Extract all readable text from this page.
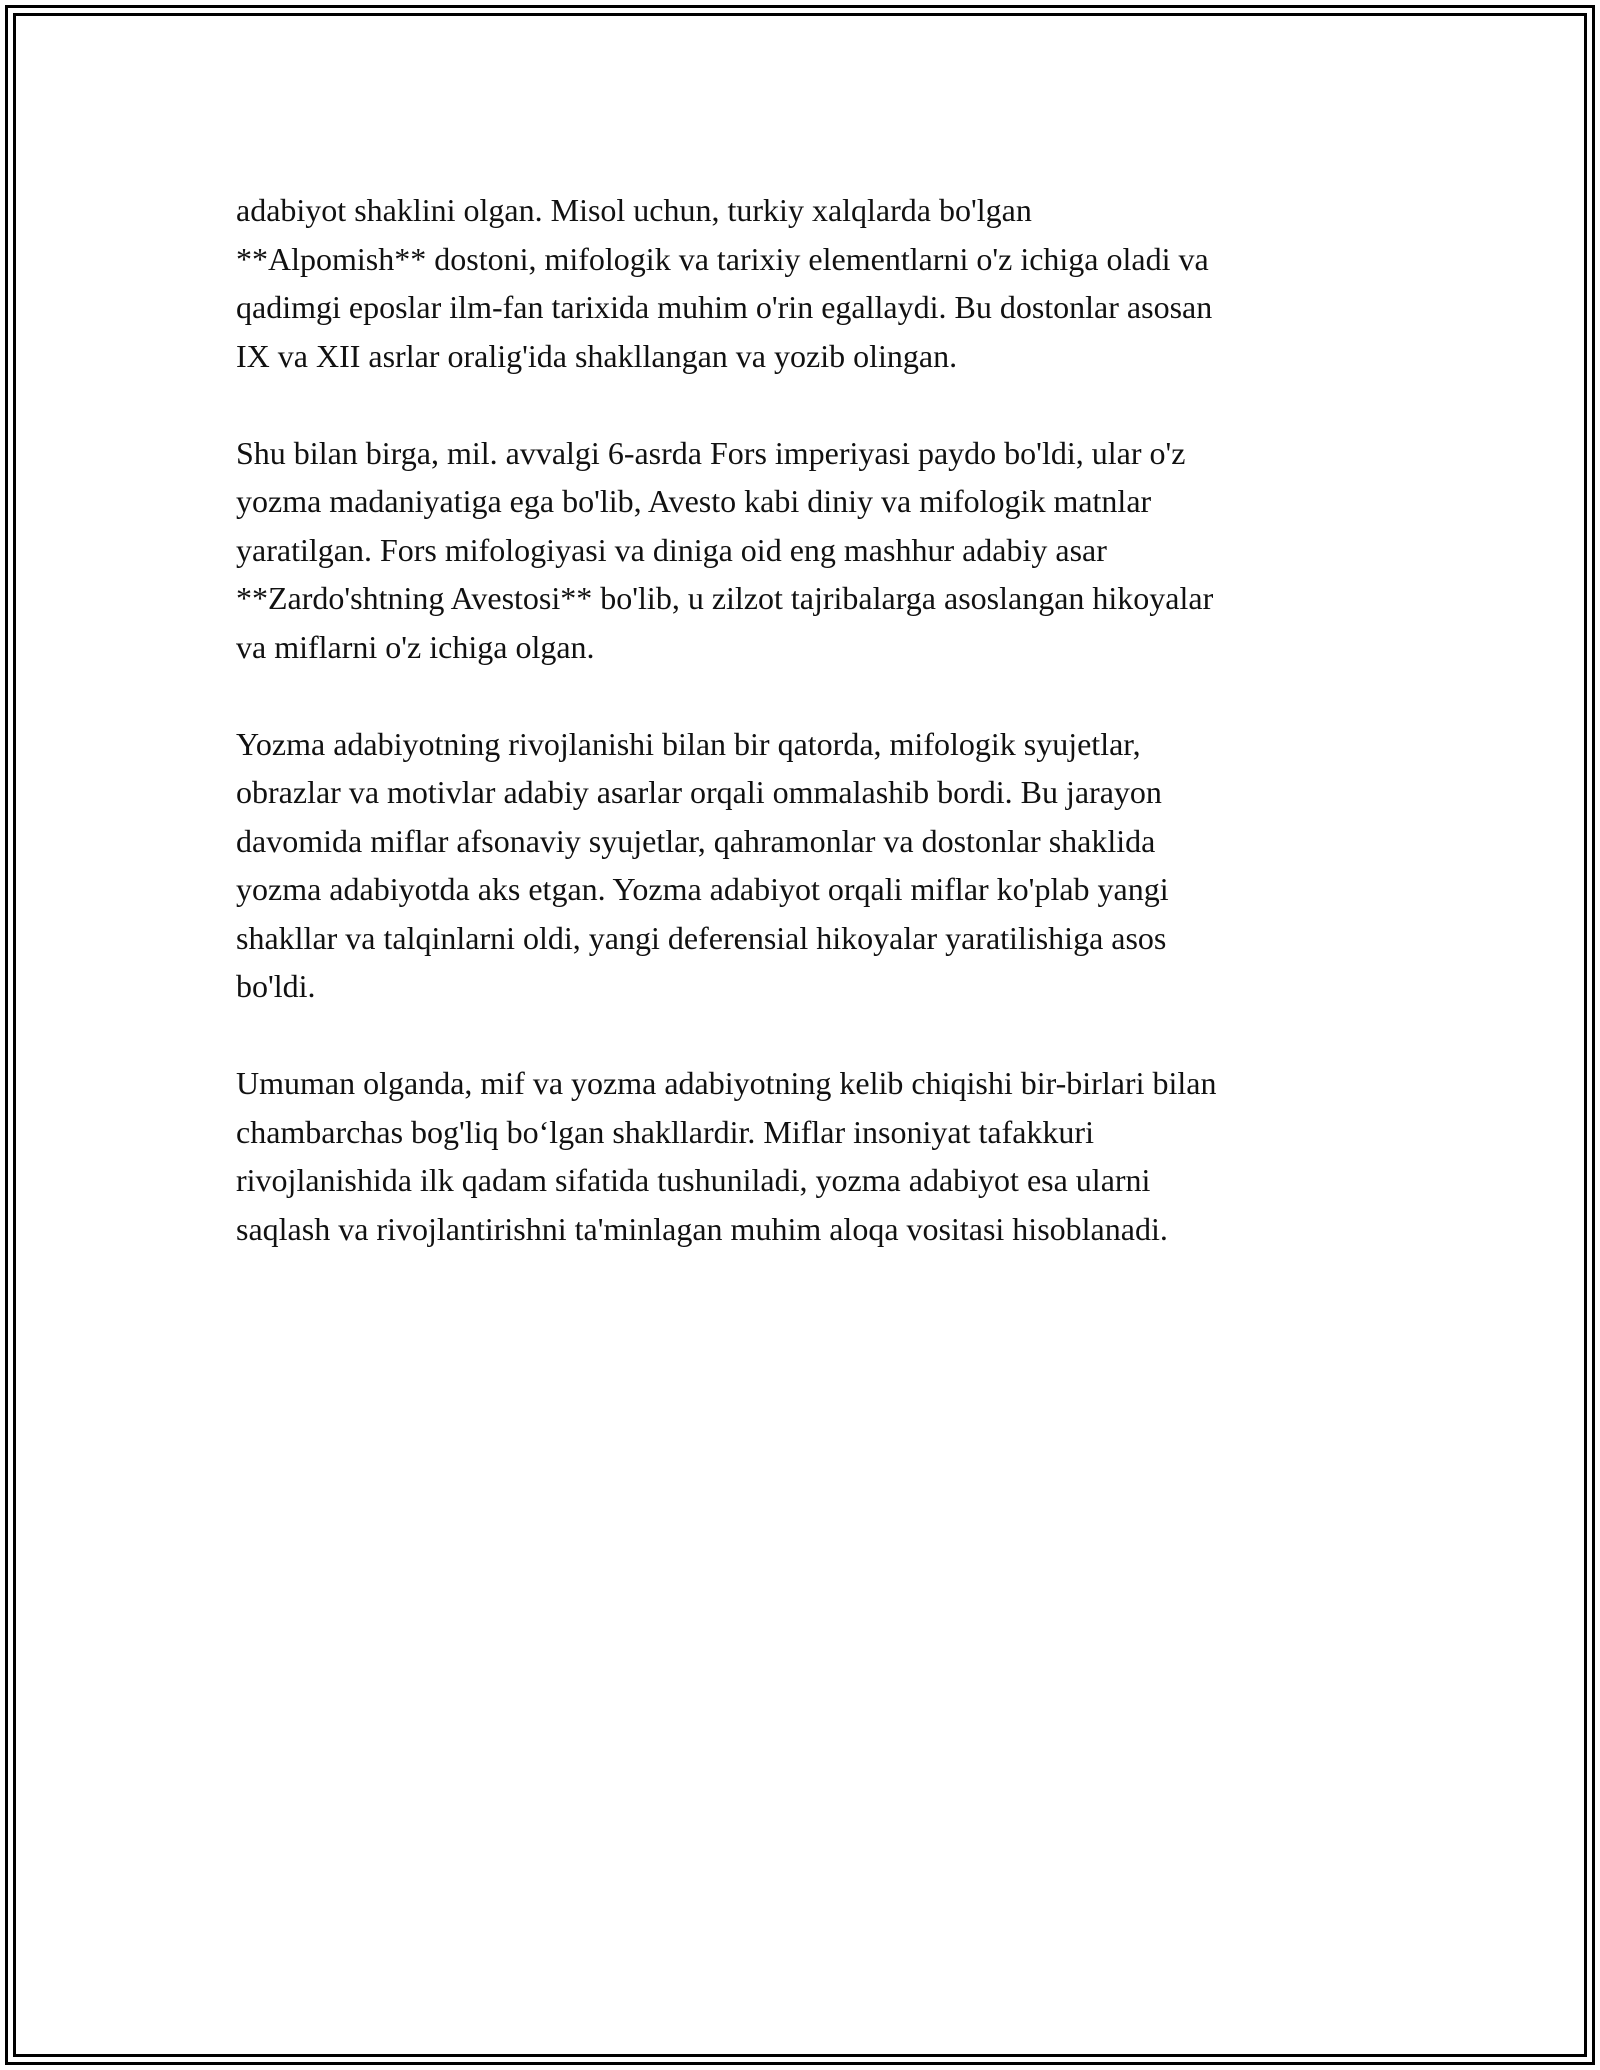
adabiyot shaklini olgan. Misol uchun, turkiy xalqlarda bo'lgan
**Alpomish** dostoni, mifologik va tarixiy elementlarni o'z ichiga oladi va
qadimgi eposlar ilm-fan tarixida muhim o'rin egallaydi. Bu dostonlar asosan
IX va XII asrlar oralig'ida shakllangan va yozib olingan.

Shu bilan birga, mil. avvalgi 6-asrda Fors imperiyasi paydo bo'ldi, ular o'z
yozma madaniyatiga ega bo'lib, Avesto kabi diniy va mifologik matnlar
yaratilgan. Fors mifologiyasi va diniga oid eng mashhur adabiy asar
**Zardo'shtning Avestosi** bo'lib, u zilzot tajribalarga asoslangan hikoyalar
va miflarni o'z ichiga olgan.

Yozma adabiyotning rivojlanishi bilan bir qatorda, mifologik syujetlar,
obrazlar va motivlar adabiy asarlar orqali ommalashib bordi. Bu jarayon
davomida miflar afsonaviy syujetlar, qahramonlar va dostonlar shaklida
yozma adabiyotda aks etgan. Yozma adabiyot orqali miflar ko'plab yangi
shakllar va talqinlarni oldi, yangi deferensial hikoyalar yaratilishiga asos
bo'ldi.

Umuman olganda, mif va yozma adabiyotning kelib chiqishi bir-birlari bilan
chambarchas bog'liq bo‘lgan shakllardir. Miflar insoniyat tafakkuri
rivojlanishida ilk qadam sifatida tushuniladi, yozma adabiyot esa ularni
saqlash va rivojlantirishni ta'minlagan muhim aloqa vositasi hisoblanadi.
